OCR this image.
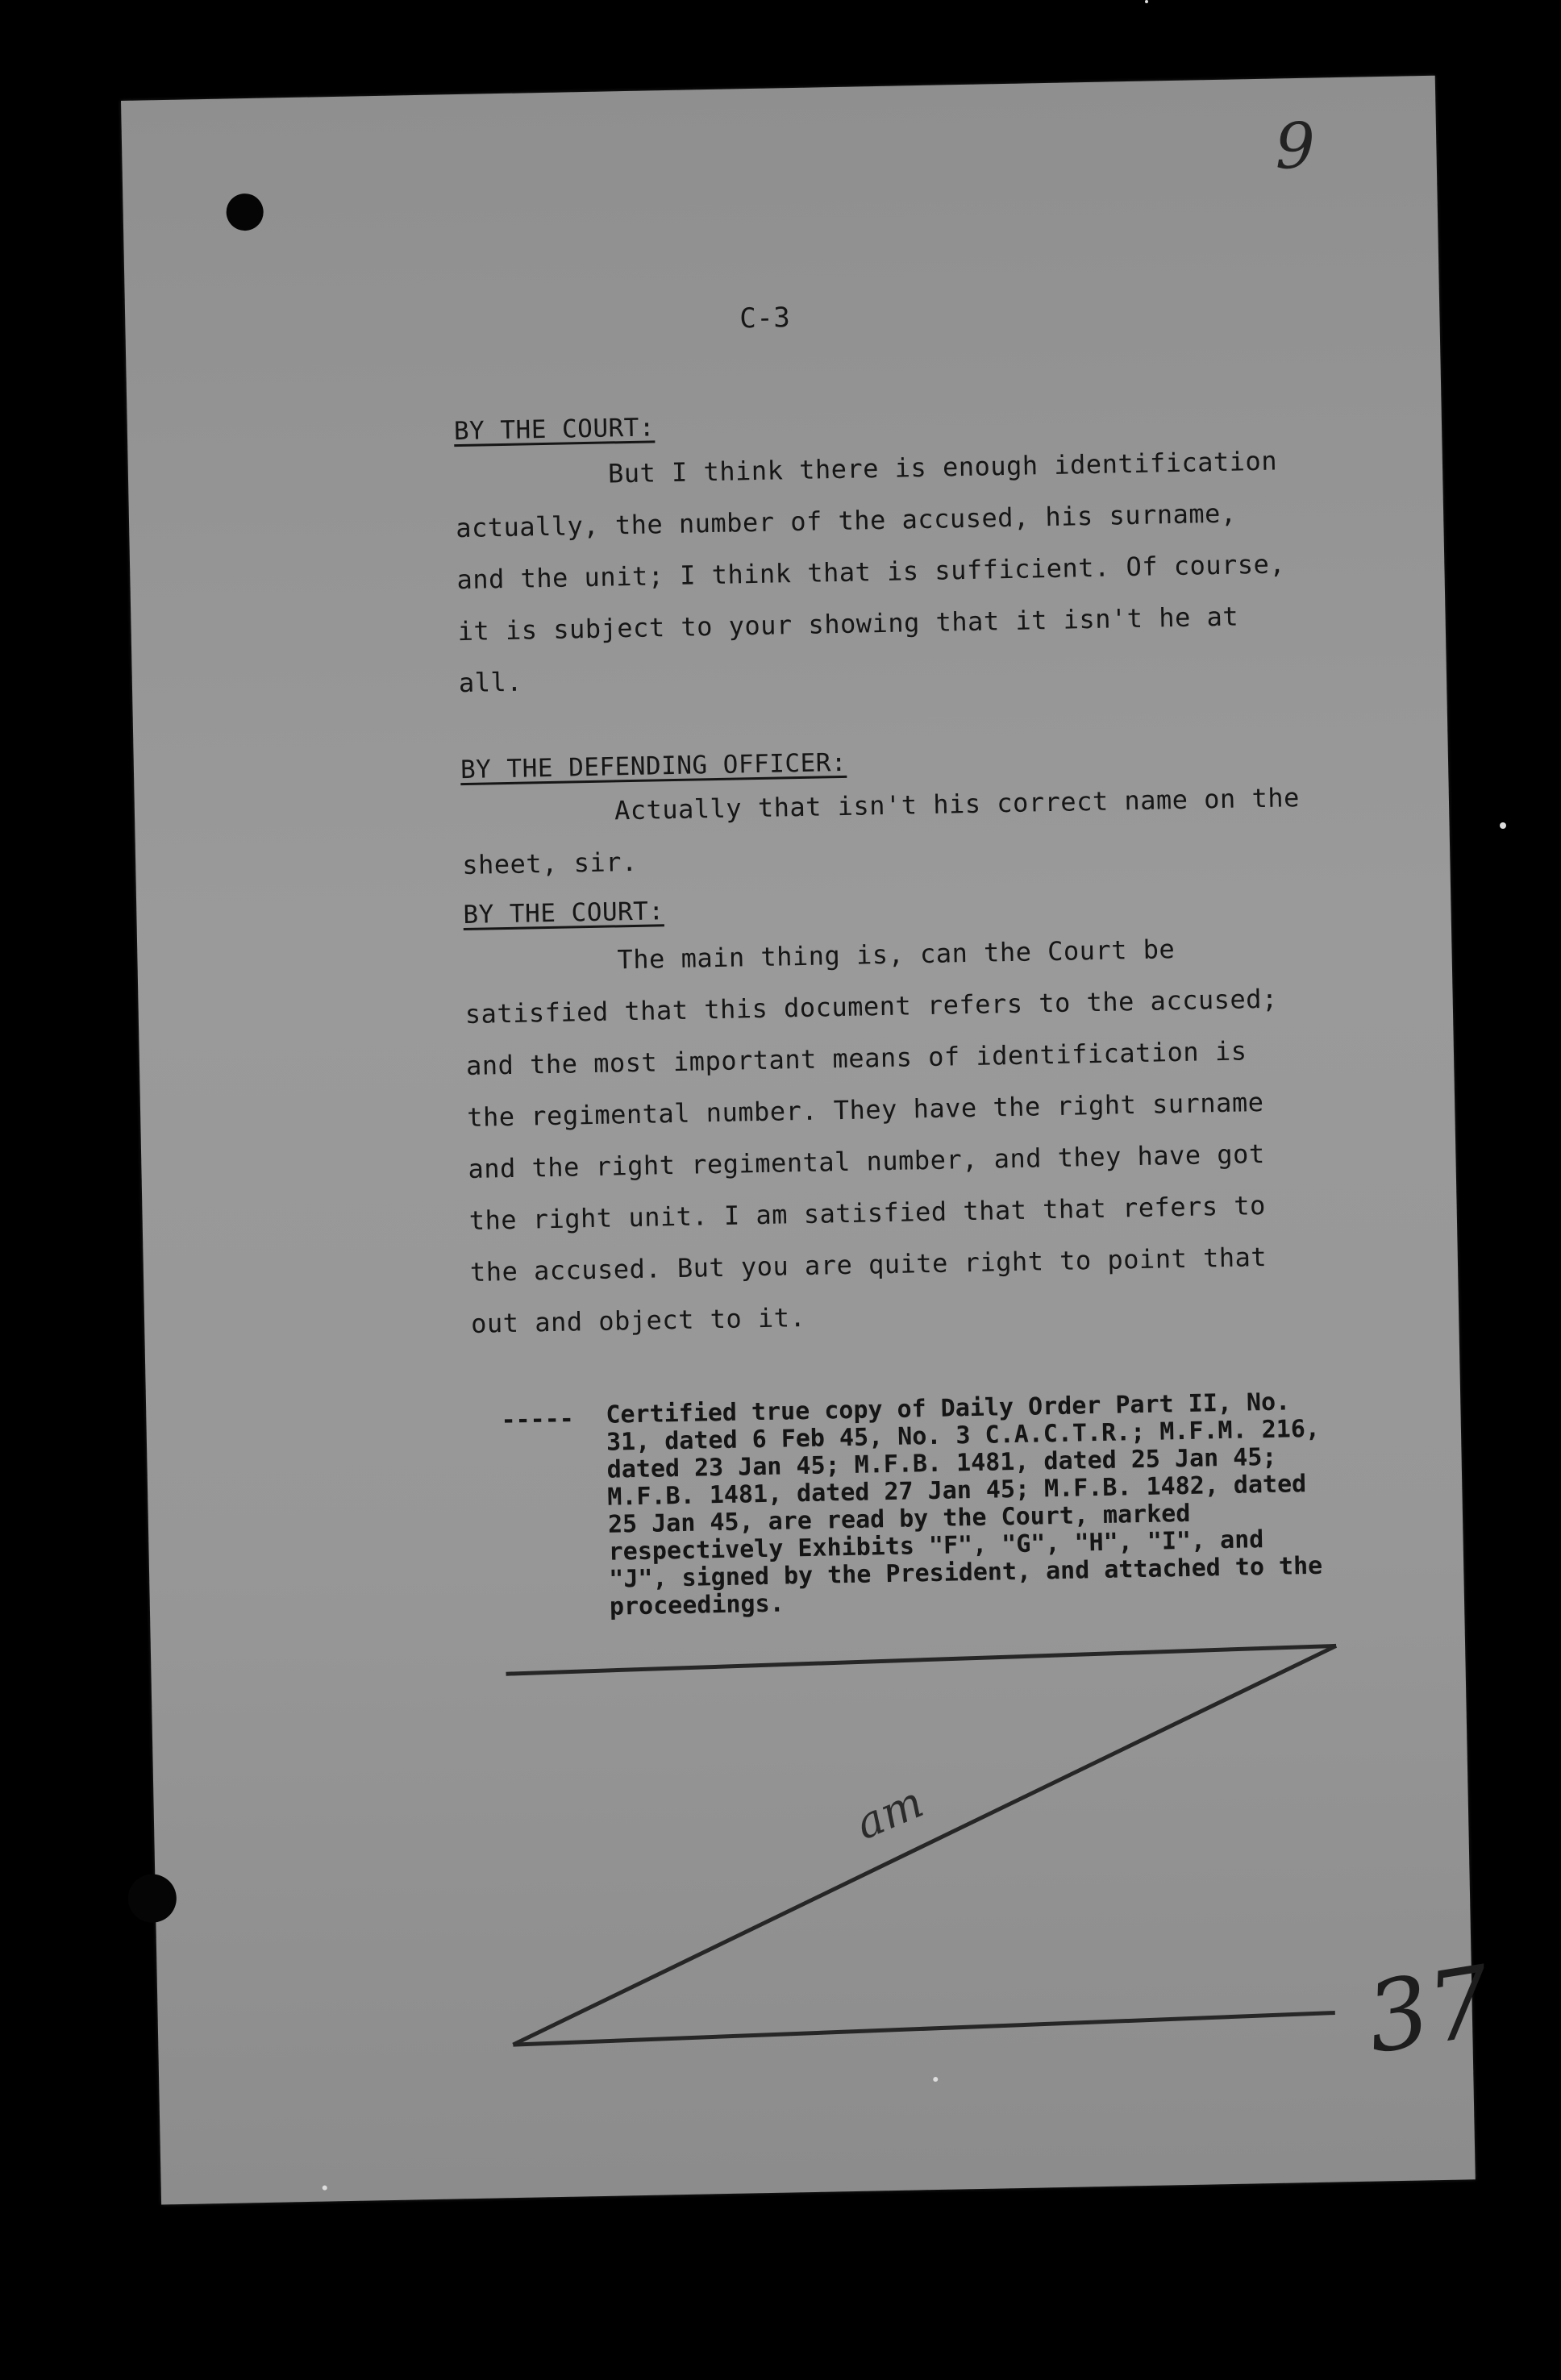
9
C-3
BY THE COURT:
But I think there is enough identification actually, the number of the accused, his surname, and the unit; I think that is sufficient. Of course, it is subject to your showing that it isn't he at all.
BY THE DEFENDING OFFICER:
Actually that isn't his correct name on the sheet, sir.
BY THE COURT:
The main thing is, can the Court be satisfied that this document refers to the accused; and the most important means of identification is the regimental number. They have the right surname and the right regimental number, and they have got the right unit. I am satisfied that that refers to the accused. But you are quite right to point that out and object to it.
----- Certified true copy of Daily Order Part II, No. 31, dated 6 Feb 45, No. 3 C.A.C.T.R.; M.F.M. 216, dated 23 Jan 45; M.F.B. 1481, dated 25 Jan 45; M.F.B. 1481, dated 27 Jan 45; M.F.B. 1482, dated 25 Jan 45, are read by the Court, marked respectively Exhibits "F", "G", "H", "I", and "J", signed by the President, and attached to the proceedings.
am
37
